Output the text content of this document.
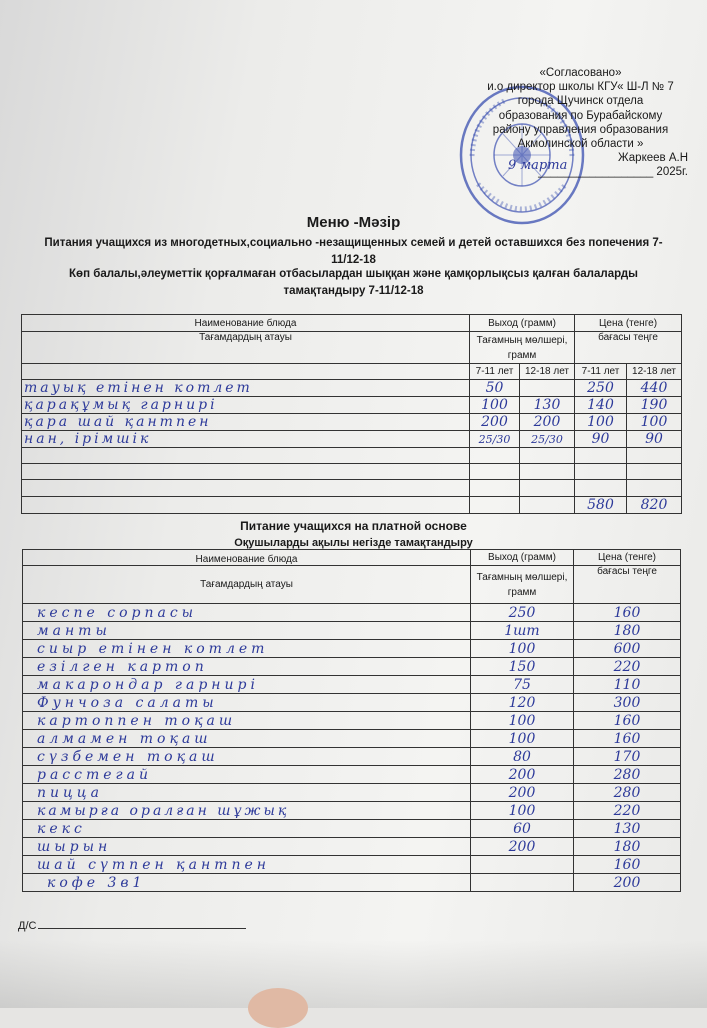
«Согласовано»
и.о директор школы КГУ« Ш-Л № 7
города Щучинск отдела
образования по Бурабайскому
району управления образования
Акмолинской области »
Жаркеев А.Н
9 марта
__________________ 2025г.
Меню -Мәзір
Питания учащихся из многодетных,социально -незащищенных семей и детей оставшихся без попечения 7-11/12-18
Көп балалы,әлеуметтік қорғалмаған отбасылардан шыққан және қамқорлықсыз қалған балаларды тамақтандыру 7-11/12-18
Наименование блюда	Выход (грамм)		Цена (тенге)	
Тағамдардың атауы	Тағамның мөлшері, грамм		бағасы теңге	
	7-11 лет	12-18 лет	7-11 лет	12-18 лет
тауық етінен котлет	50		250	440
қарақұмық гарнирі	100	130	140	190
қара шай қантпен	200	200	100	100
нан, ірімшік	25/30	25/30	90	90

			580	820
Питание учащихся на платной основе
Оқушыларды ақылы негізде тамақтандыру
Наименование блюда	Выход (грамм)	Цена (тенге)
Тағамдардың атауы	Тағамның мөлшері, грамм	бағасы теңге
кеспе сорпасы	250	160
манты	1шт	180
сиыр етінен котлет	100	600
езілген картоп	150	220
макарондар гарнирі	75	110
Фунчоза салаты	120	300
картоппен тоқаш	100	160
алмамен тоқаш	100	160
сүзбемен тоқаш	80	170
расстегай	200	280
пицца	200	280
камырға оралған шұжық	100	220
кекс	60	130
шырын	200	180
шай сүтпен қантпен		160
кофе 3в1		200
Д/С
